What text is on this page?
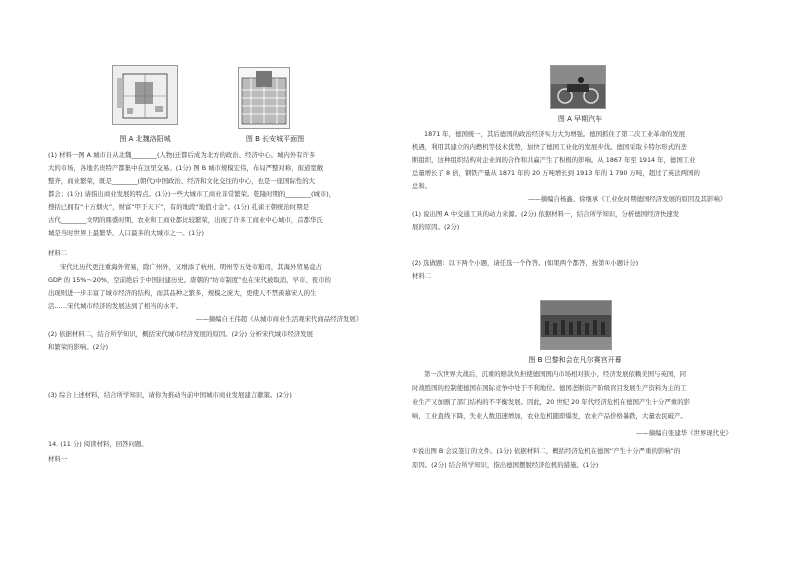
图 A 北魏洛阳城	图 B 长安城平面图
(1) 材料一图 A 城市自从北魏________(人物)迁都后成为北方的政治、经济中心。城内外有许多
大的市场，各地名贵特产都集中在这里交易。(1分) 图 B 城市规模宏伟，布局严整对称，街道宽敞
整齐，商业繁荣，既是________(朝代)中国政治、经济和文化交往的中心，也是一座国际性的大
都会；(1分) 请指出商业发展的特点。(1分)一些大城市工商业非常繁荣。乾隆时期的________(城市)，
搜括已拥有“十万烟火”，财富“甲于天下”，有的地段“地值寸金”。(1分) 孔雀王朝统治时期是
古代________文明的鼎盛时期，农业和工商业都比较繁荣，出现了许多工商业中心城市，首都华氏
城是当时世界上最繁华、人口最多的大城市之一。(1分)
材料二
宋代比历代更注重海外贸易，除广州外，又增添了杭州、明州等五处市舶司，其海外贸易竟占
GDP 的 15%～20%，空前绝后于中国封建历史。唐朝的“坊市制度”也在宋代被取消，早市、夜市的
出现则进一步丰富了城市经济的结构，而其品种之繁多，规模之庞大，更使人不禁羡慕宋人的生
活……宋代城市经济的发展达到了相当的水平。
——摘编自王伟超《从城市商业生活观宋代商品经济发展》
(2) 依据材料二，结合所学知识，概括宋代城市经济发展的原因。(2分) 分析宋代城市经济发展
和繁荣的影响。(2分)
(3) 综合上述材料，结合所学知识，请你为推动当前中国城市商业发展建言献策。(2分)
14. (11 分) 阅读材料，回答问题。
材料一
图 A 早期汽车
1871 年，德国统一，其后德国的政治经济实力大为增强。德国抓住了第二次工业革命的发展
机遇，利用其建立的内燃机等技术优势，加快了德国工业化的发展步伐。德国采取卡特尔形式的垄
断组织，这种组织结构对企业间的合作和共赢产生了积极的影响。从 1867 年至 1914 年，德国工业
总量增长了 8 倍，钢铁产量从 1871 年的 20 万吨增长到 1913 年的 1 790 万吨，超过了英法两国的
总和。
——摘编自杨鑫、徐继承《工业化时期德国经济发展的原因及其影响》
(1) 说出图 A 中交通工具的动力来源。(2分) 依据材料一，结合所学知识，分析德国经济快速发
展的原因。(2分)
(2) 选做题：以下两个小题，请任选一个作答。(如果两个都答，按第①小题计分)
材料二
图 B 巴黎和会在凡尔赛宫开幕
第一次世界大战后，沉重的赔款负担使德国国内市场相对狭小，经济发展依赖美国与英国，同
时战胜国的控制使德国在国际竞争中处于不利地位。德国垄断资产阶级盲目发展生产资料为主的工
业生产又加剧了部门结构的不平衡发展。因此，20 世纪 20 年代经济危机在德国产生十分严重的影
响，工业直线下降，失业人数迅速增加，农业危机随即爆发，农业产品价格暴跌，大量农民破产。
——摘编自张建华《世界现代史》
①说出图 B 会议签订的文件。(1分) 依据材料二，概括经济危机在德国“产生十分严重的影响”的
原因。(2分) 结合所学知识，指出德国摆脱经济危机的措施。(1分)
